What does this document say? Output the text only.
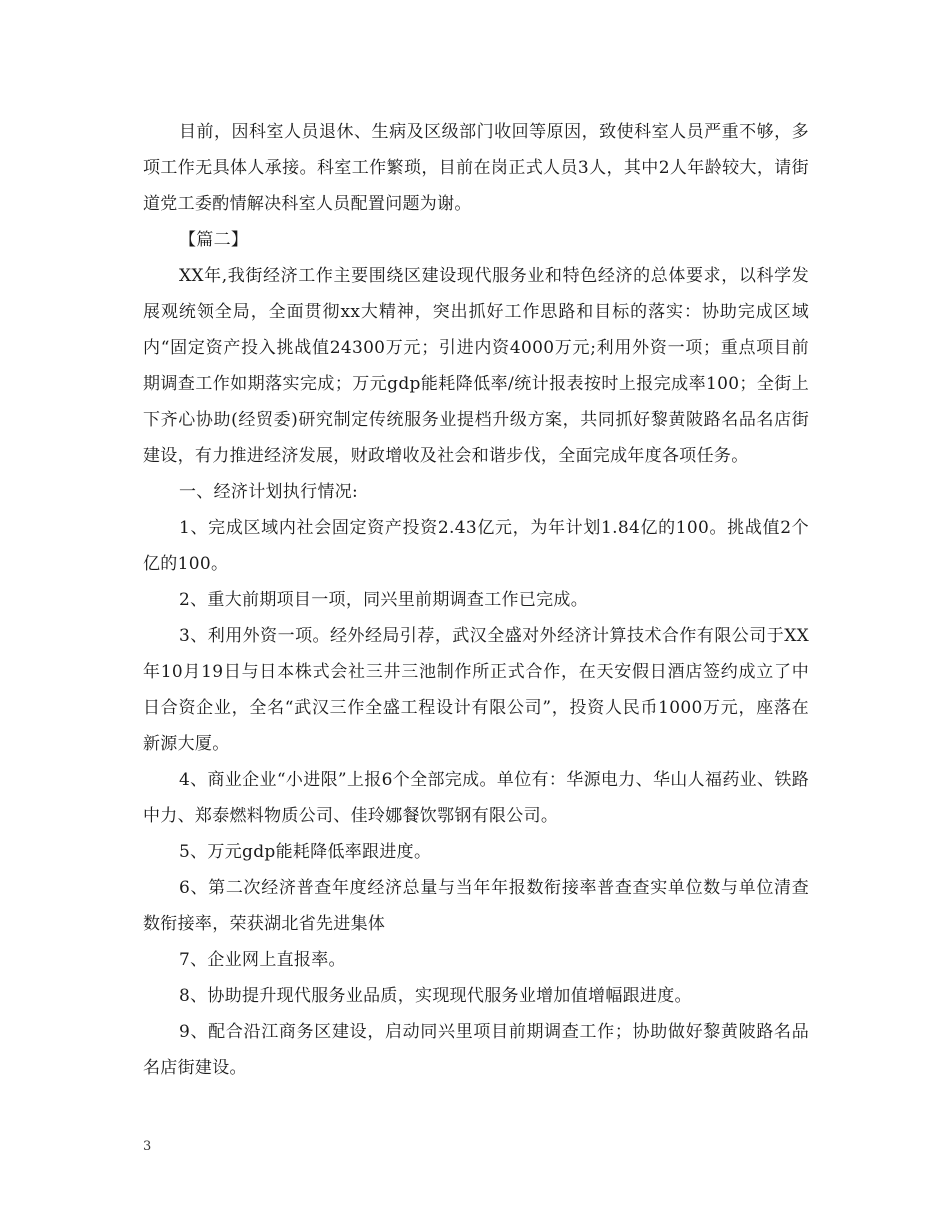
目前，因科室人员退休、生病及区级部门收回等原因，致使科室人员严重不够，多项工作无具体人承接。科室工作繁琐，目前在岗正式人员3人，其中2人年龄较大，请街道党工委酌情解决科室人员配置问题为谢。

【篇二】

XX年,我街经济工作主要围绕区建设现代服务业和特色经济的总体要求，以科学发展观统领全局，全面贯彻xx大精神，突出抓好工作思路和目标的落实：协助完成区域内“固定资产投入挑战值24300万元；引进内资4000万元;利用外资一项；重点项目前期调查工作如期落实完成；万元gdp能耗降低率/统计报表按时上报完成率100；全街上下齐心协助(经贸委)研究制定传统服务业提档升级方案，共同抓好黎黄陂路名品名店街建设，有力推进经济发展，财政增收及社会和谐步伐，全面完成年度各项任务。

一、经济计划执行情况:

1、完成区域内社会固定资产投资2.43亿元，为年计划1.84亿的100。挑战值2个亿的100。

2、重大前期项目一项，同兴里前期调查工作已完成。

3、利用外资一项。经外经局引荐，武汉全盛对外经济计算技术合作有限公司于XX年10月19日与日本株式会社三井三池制作所正式合作，在天安假日酒店签约成立了中日合资企业，全名“武汉三作全盛工程设计有限公司”，投资人民币1000万元，座落在新源大厦。

4、商业企业“小进限”上报6个全部完成。单位有：华源电力、华山人福药业、铁路中力、郑泰燃料物质公司、佳玲娜餐饮鄂钢有限公司。

5、万元gdp能耗降低率跟进度。

6、第二次经济普查年度经济总量与当年年报数衔接率普查查实单位数与单位清查数衔接率，荣获湖北省先进集体

7、企业网上直报率。

8、协助提升现代服务业品质，实现现代服务业增加值增幅跟进度。

9、配合沿江商务区建设，启动同兴里项目前期调查工作；协助做好黎黄陂路名品名店街建设。

3
